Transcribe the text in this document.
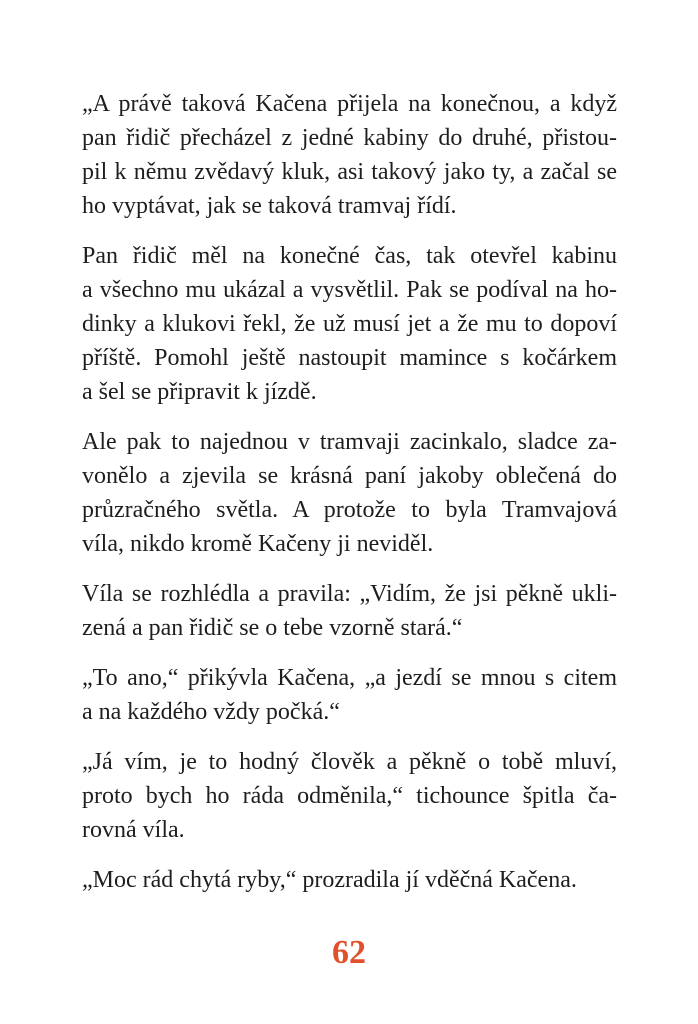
„A právě taková Kačena přijela na konečnou, a když
pan řidič přecházel z jedné kabiny do druhé, přistou-
pil k němu zvědavý kluk, asi takový jako ty, a začal se
ho vyptávat, jak se taková tramvaj řídí.

Pan řidič měl na konečné čas, tak otevřel kabinu
a všechno mu ukázal a vysvětlil. Pak se podíval na ho-
dinky a klukovi řekl, že už musí jet a že mu to dopoví
příště. Pomohl ještě nastoupit mamince s kočárkem
a šel se připravit k jízdě.

Ale pak to najednou v tramvaji zacinkalo, sladce za-
vonělo a zjevila se krásná paní jakoby oblečená do
průzračného světla. A protože to byla Tramvajová
víla, nikdo kromě Kačeny ji neviděl.

Víla se rozhlédla a pravila: „Vidím, že jsi pěkně ukli-
zená a pan řidič se o tebe vzorně stará.“

„To ano,“ přikývla Kačena, „a jezdí se mnou s citem
a na každého vždy počká.“

„Já vím, je to hodný člověk a pěkně o tobě mluví,
proto bych ho ráda odměnila,“ tichounce špitla ča-
rovná víla.

„Moc rád chytá ryby,“ prozradila jí vděčná Kačena.

62
